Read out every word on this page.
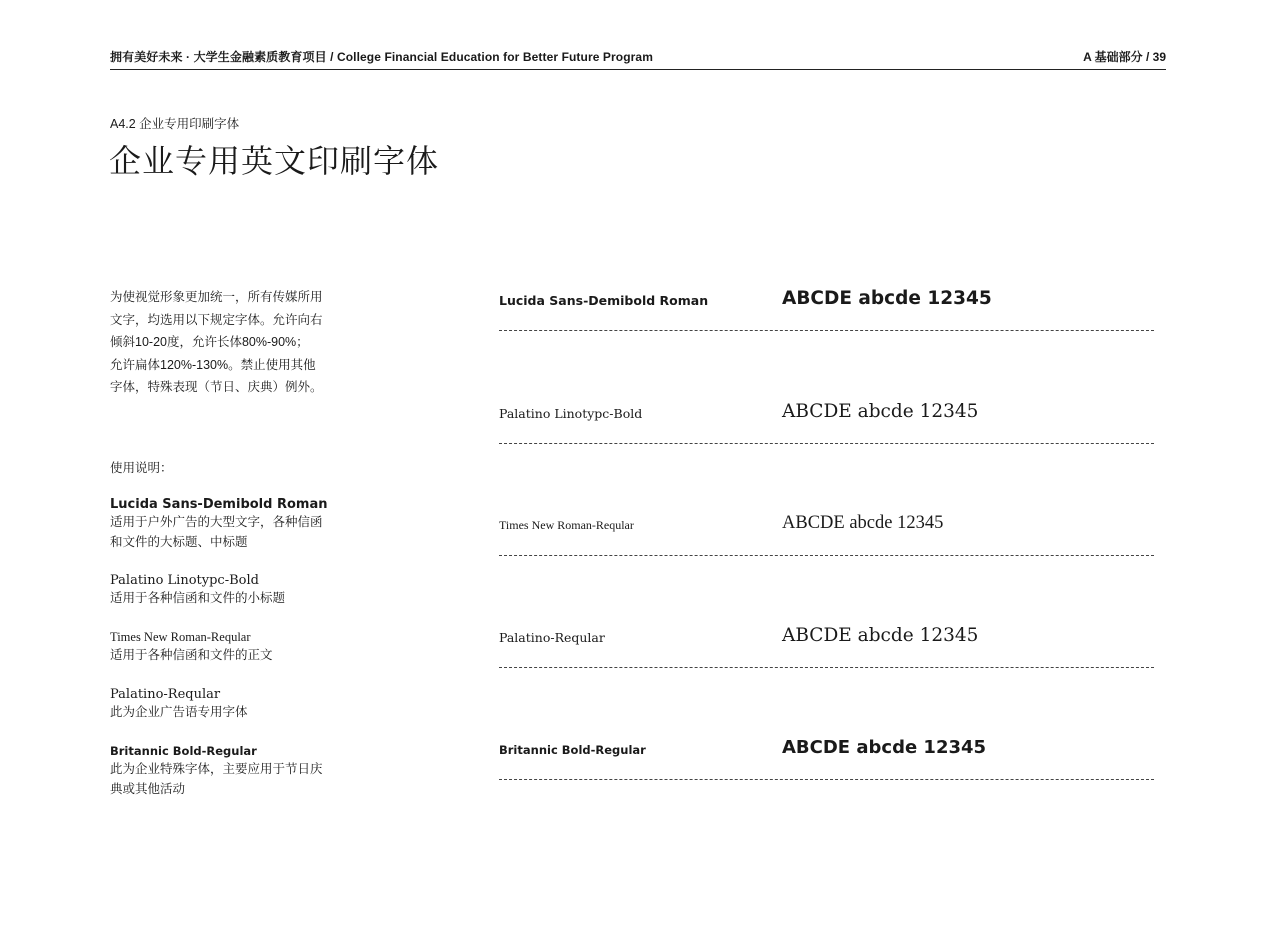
拥有美好未来 · 大学生金融素质教育项目 / College Financial Education for Better Future Program	A 基础部分 / 39
A4.2 企业专用印刷字体
企业专用英文印刷字体
为使视觉形象更加统一，所有传媒所用
文字，均选用以下规定字体。允许向右
倾斜10-20度，允许长体80%-90%；
允许扁体120%-130%。禁止使用其他
字体，特殊表现（节日、庆典）例外。
使用说明：
Lucida Sans-Demibold Roman
适用于户外广告的大型文字，各种信函
和文件的大标题、中标题
Palatino Linotypc-Bold
适用于各种信函和文件的小标题
Times New Roman-Reqular
适用于各种信函和文件的正文
Palatino-Reqular
此为企业广告语专用字体
Britannic Bold-Regular
此为企业特殊字体，主要应用于节日庆
典或其他活动
Lucida Sans-Demibold Roman	ABCDE abcde 12345
Palatino Linotypc-Bold	ABCDE abcde 12345
Times New Roman-Reqular	ABCDE abcde 12345
Palatino-Reqular	ABCDE abcde 12345
Britannic Bold-Regular	ABCDE abcde 12345
